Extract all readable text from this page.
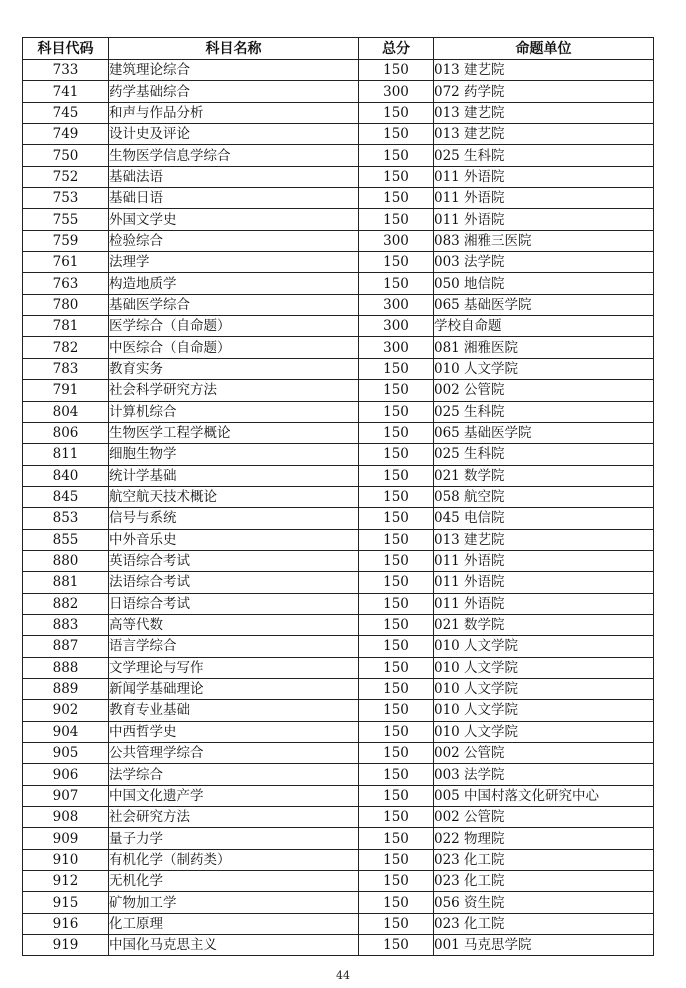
科目代码	科目名称	总分	命题单位
733	建筑理论综合	150	013 建艺院
741	药学基础综合	300	072 药学院
745	和声与作品分析	150	013 建艺院
749	设计史及评论	150	013 建艺院
750	生物医学信息学综合	150	025 生科院
752	基础法语	150	011 外语院
753	基础日语	150	011 外语院
755	外国文学史	150	011 外语院
759	检验综合	300	083 湘雅三医院
761	法理学	150	003 法学院
763	构造地质学	150	050 地信院
780	基础医学综合	300	065 基础医学院
781	医学综合（自命题）	300	学校自命题
782	中医综合（自命题）	300	081 湘雅医院
783	教育实务	150	010 人文学院
791	社会科学研究方法	150	002 公管院
804	计算机综合	150	025 生科院
806	生物医学工程学概论	150	065 基础医学院
811	细胞生物学	150	025 生科院
840	统计学基础	150	021 数学院
845	航空航天技术概论	150	058 航空院
853	信号与系统	150	045 电信院
855	中外音乐史	150	013 建艺院
880	英语综合考试	150	011 外语院
881	法语综合考试	150	011 外语院
882	日语综合考试	150	011 外语院
883	高等代数	150	021 数学院
887	语言学综合	150	010 人文学院
888	文学理论与写作	150	010 人文学院
889	新闻学基础理论	150	010 人文学院
902	教育专业基础	150	010 人文学院
904	中西哲学史	150	010 人文学院
905	公共管理学综合	150	002 公管院
906	法学综合	150	003 法学院
907	中国文化遗产学	150	005 中国村落文化研究中心
908	社会研究方法	150	002 公管院
909	量子力学	150	022 物理院
910	有机化学（制药类）	150	023 化工院
912	无机化学	150	023 化工院
915	矿物加工学	150	056 资生院
916	化工原理	150	023 化工院
919	中国化马克思主义	150	001 马克思学院
44
